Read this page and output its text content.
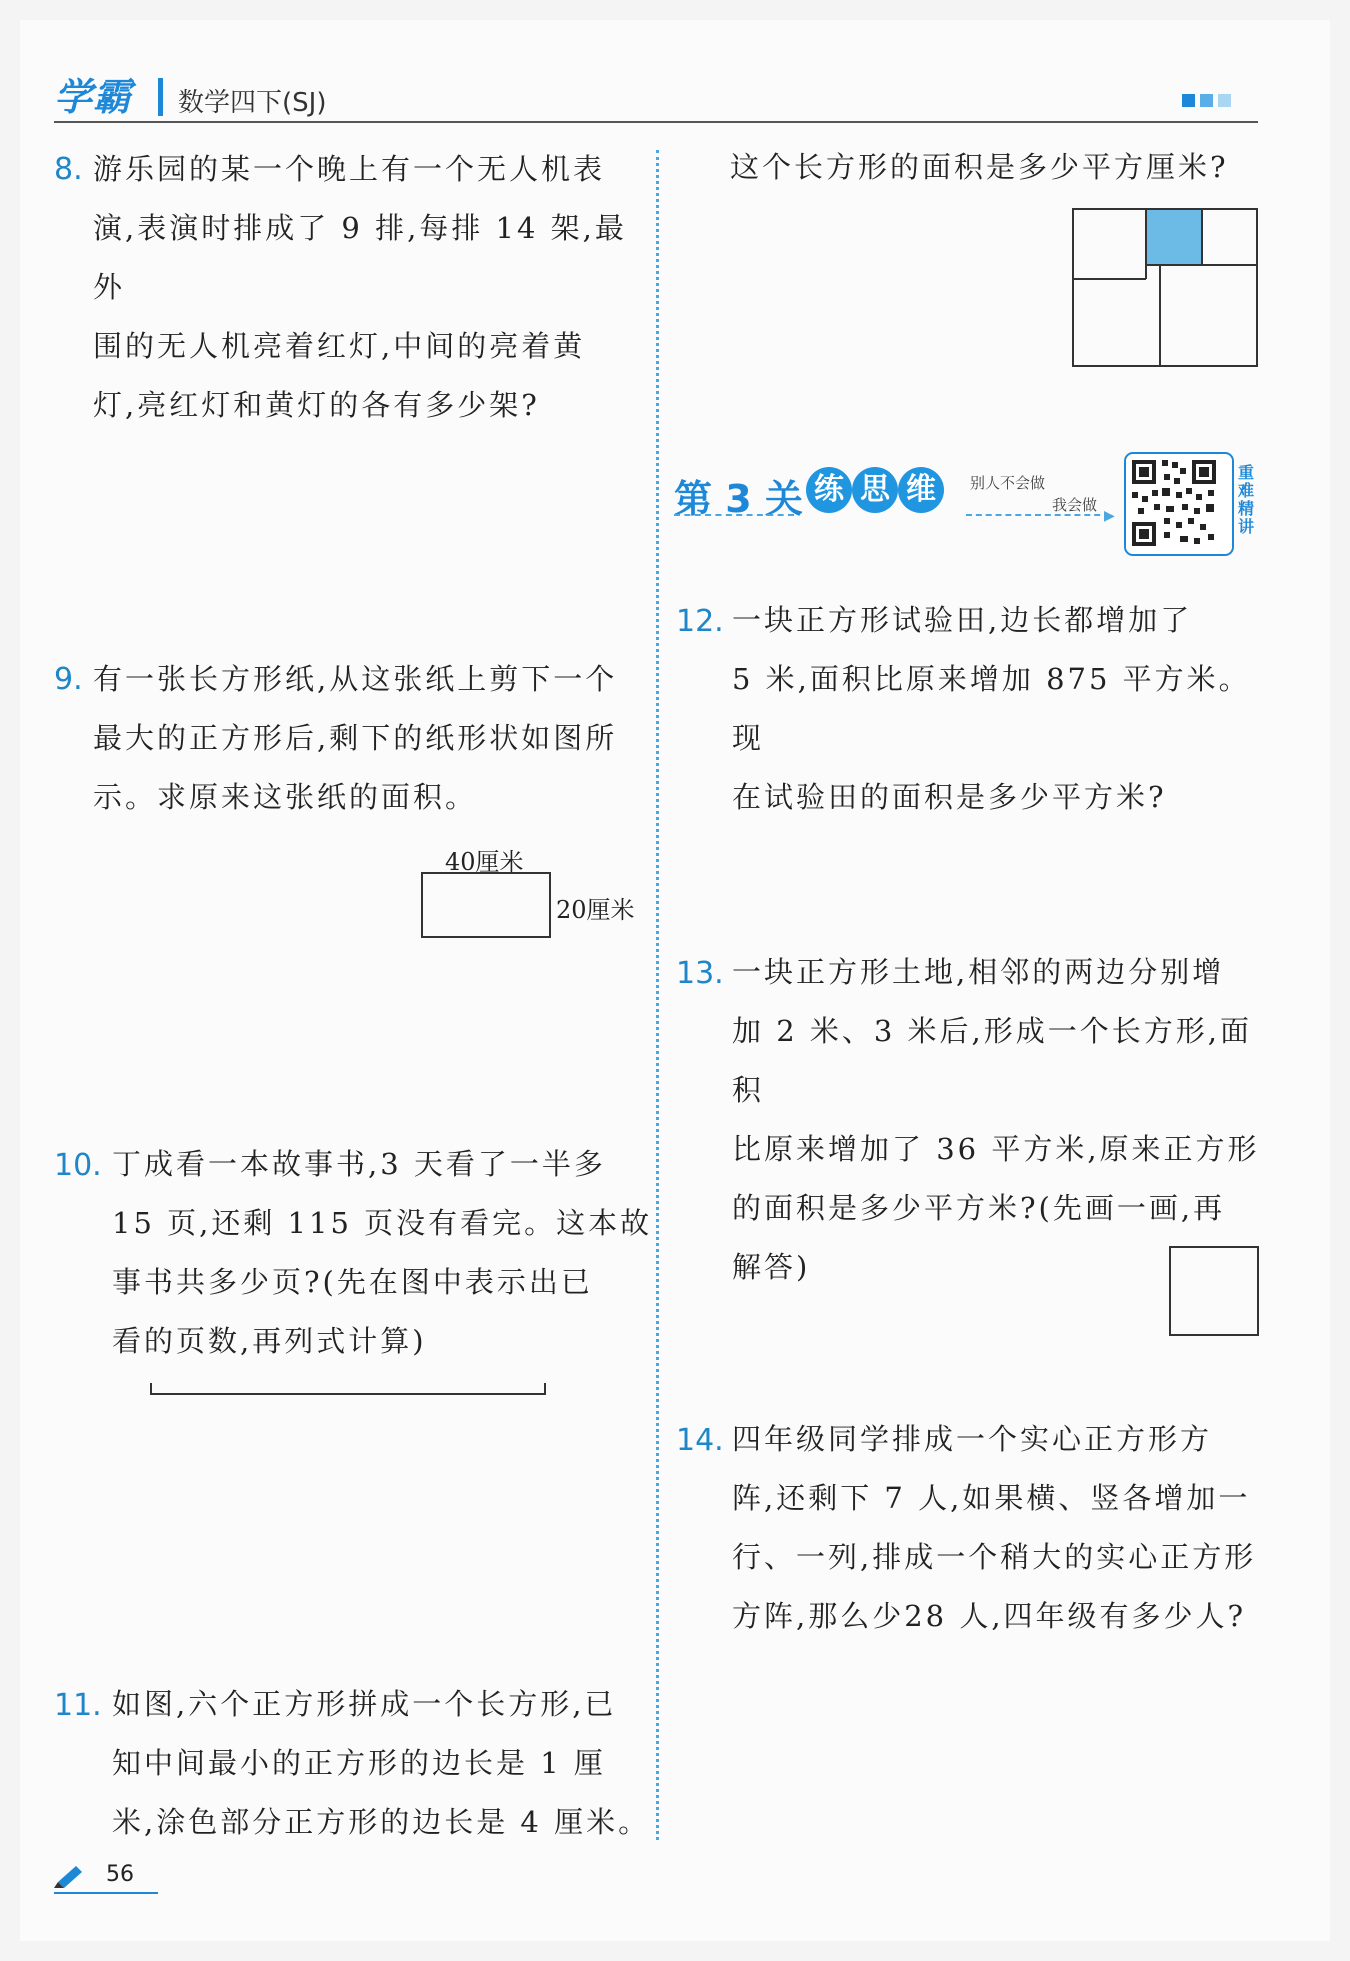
学霸 数学四下(SJ)
8. 游乐园的某一个晚上有一个无人机表
演,表演时排成了 9 排,每排 14 架,最外
围的无人机亮着红灯,中间的亮着黄
灯,亮红灯和黄灯的各有多少架?
9. 有一张长方形纸,从这张纸上剪下一个
最大的正方形后,剩下的纸形状如图所
示。求原来这张纸的面积。
40厘米
20厘米
10. 丁成看一本故事书,3 天看了一半多
15 页,还剩 115 页没有看完。这本故
事书共多少页?(先在图中表示出已
看的页数,再列式计算)
11. 如图,六个正方形拼成一个长方形,已
知中间最小的正方形的边长是 1 厘
米,涂色部分正方形的边长是 4 厘米。
这个长方形的面积是多少平方厘米?
第 3 关 练 思 维	别人不会做
我会做
▶
重难精讲
12. 一块正方形试验田,边长都增加了
5 米,面积比原来增加 875 平方米。现
在试验田的面积是多少平方米?
13. 一块正方形土地,相邻的两边分别增
加 2 米、3 米后,形成一个长方形,面积
比原来增加了 36 平方米,原来正方形
的面积是多少平方米?(先画一画,再
解答)
14. 四年级同学排成一个实心正方形方
阵,还剩下 7 人,如果横、竖各增加一
行、一列,排成一个稍大的实心正方形
方阵,那么少28 人,四年级有多少人?
56
